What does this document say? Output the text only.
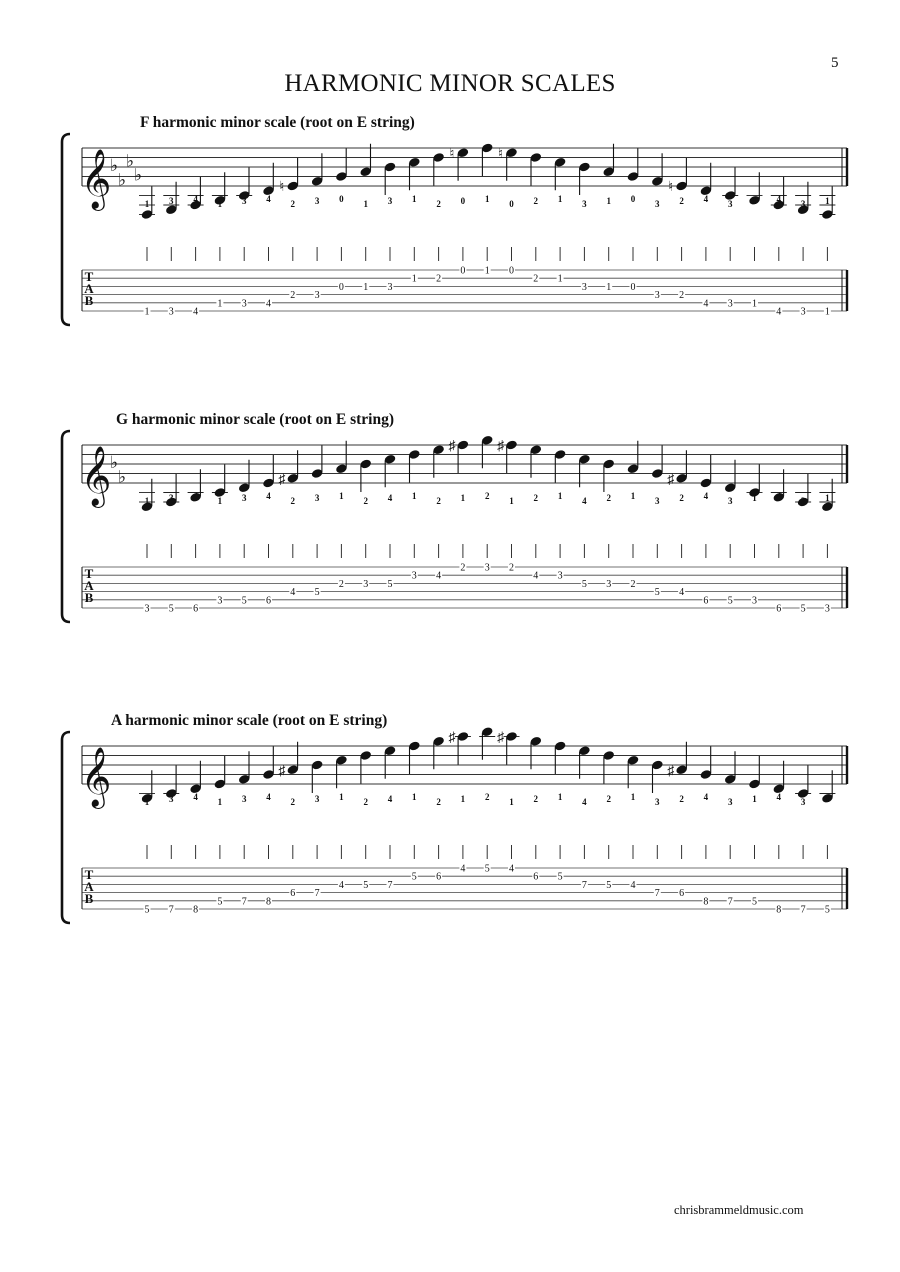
5
HARMONIC MINOR SCALES
F harmonic minor scale (root on E string)
𝄞
♭
♭
♭
♭
♮
♮	♮
♮
1 3 4 1 3 4 2 3 0 1 3 1 2 0 1 0 2 1 3 1 0 3 2 4 3 1 4 3 1
T
A
B
1 3 4
1 3 4
2 3
0 1 3
1 2
0 1 0
2 1
3 1 0
3 2
4 3 1
4 3 1
G harmonic minor scale (root on E string)
𝄞
♭
♭	♯
♯	♯
♯
1 3 4 1 3 4 2 3 1 2 4 1 2 1 2 1 2 1 4 2 1 3 2 4 3 1 4 3 1
T
A
B
3 5 6
3 5 6
4 5
2 3 5
3 4
2 3 2
4 3
5 3 2
5 4
6 5 3
6 5 3
A harmonic minor scale (root on E string)
𝄞	♯
♯	♯
♯
1 3 4 1 3 4 2 3 1 2 4 1 2 1 2 1 2 1 4 2 1 3 2 4 3 1 4 3 1
T
A
B
5 7 8
5 7 8
6 7
4 5 7
5 6
4 5 4
6 5
7 5 4
7 6
8 7 5
8 7 5
chrisbrammeldmusic.com
